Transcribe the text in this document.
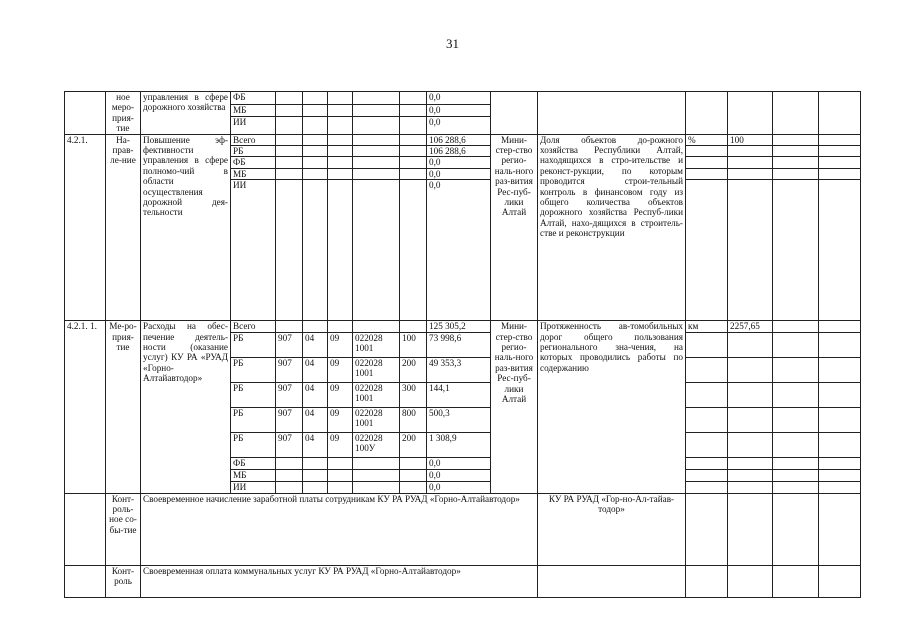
31
	ное меро-прия-тие	управления в сфере дорожного хозяйства	ФБ						0,0							
			МБ						0,0							
			ИИ						0,0							
4.2.1.	На-прав-ле-ние	Повышение эф-фективности управления в сфере полномо-чий в области осуществления дорожной дея-тельности	Всего						106 288,6	Мини-стер-ство регио-наль-ного раз-вития Рес-пуб-лики Алтай	Доля объектов до-рожного хозяйства Республики Алтай, находящихся в стро-ительстве и реконст-рукции, по которым проводится строи-тельный контроль в финансовом году из общего количества объектов дорожного хозяйства Респуб-лики Алтай, нахо-дящихся в строитель-стве и реконструкции	%	100			
			РБ						106 288,6							
			ФБ						0,0							
			МБ						0,0							
			ИИ						0,0							
4.2.1. 1.	Ме-ро-прия-тие	Расходы на обес-печение деятель-ности (оказание услуг) КУ РА «РУАД «Горно-Алтайавтодор»	Всего						125 305,2	Мини-стер-ство регио-наль-ного раз-вития Рес-пуб-лики Алтай	Протяженность ав-томобильных дорог общего пользования регионального зна-чения, на которых проводились работы по содержанию	км	2257,65			
			РБ	907	04	09	022028 1001	100	73 998,6							
			РБ	907	04	09	022028 1001	200	49 353,3							
			РБ	907	04	09	022028 1001	300	144,1							
			РБ	907	04	09	022028 1001	800	500,3							
			РБ	907	04	09	022028 100У	200	1 308,9							
			ФБ						0,0							
			МБ						0,0							
			ИИ						0,0							
	Конт-роль-ное со-бы-тие	Своевременное начисление заработной платы сотрудникам КУ РА РУАД «Горно-Алтайавтодор»									КУ РА РУАД «Гор-но-Ал-тайав-тодор»						
	Конт-роль	Своевременная оплата коммунальных услуг КУ РА РУАД «Горно-Алтайавтодор»							
